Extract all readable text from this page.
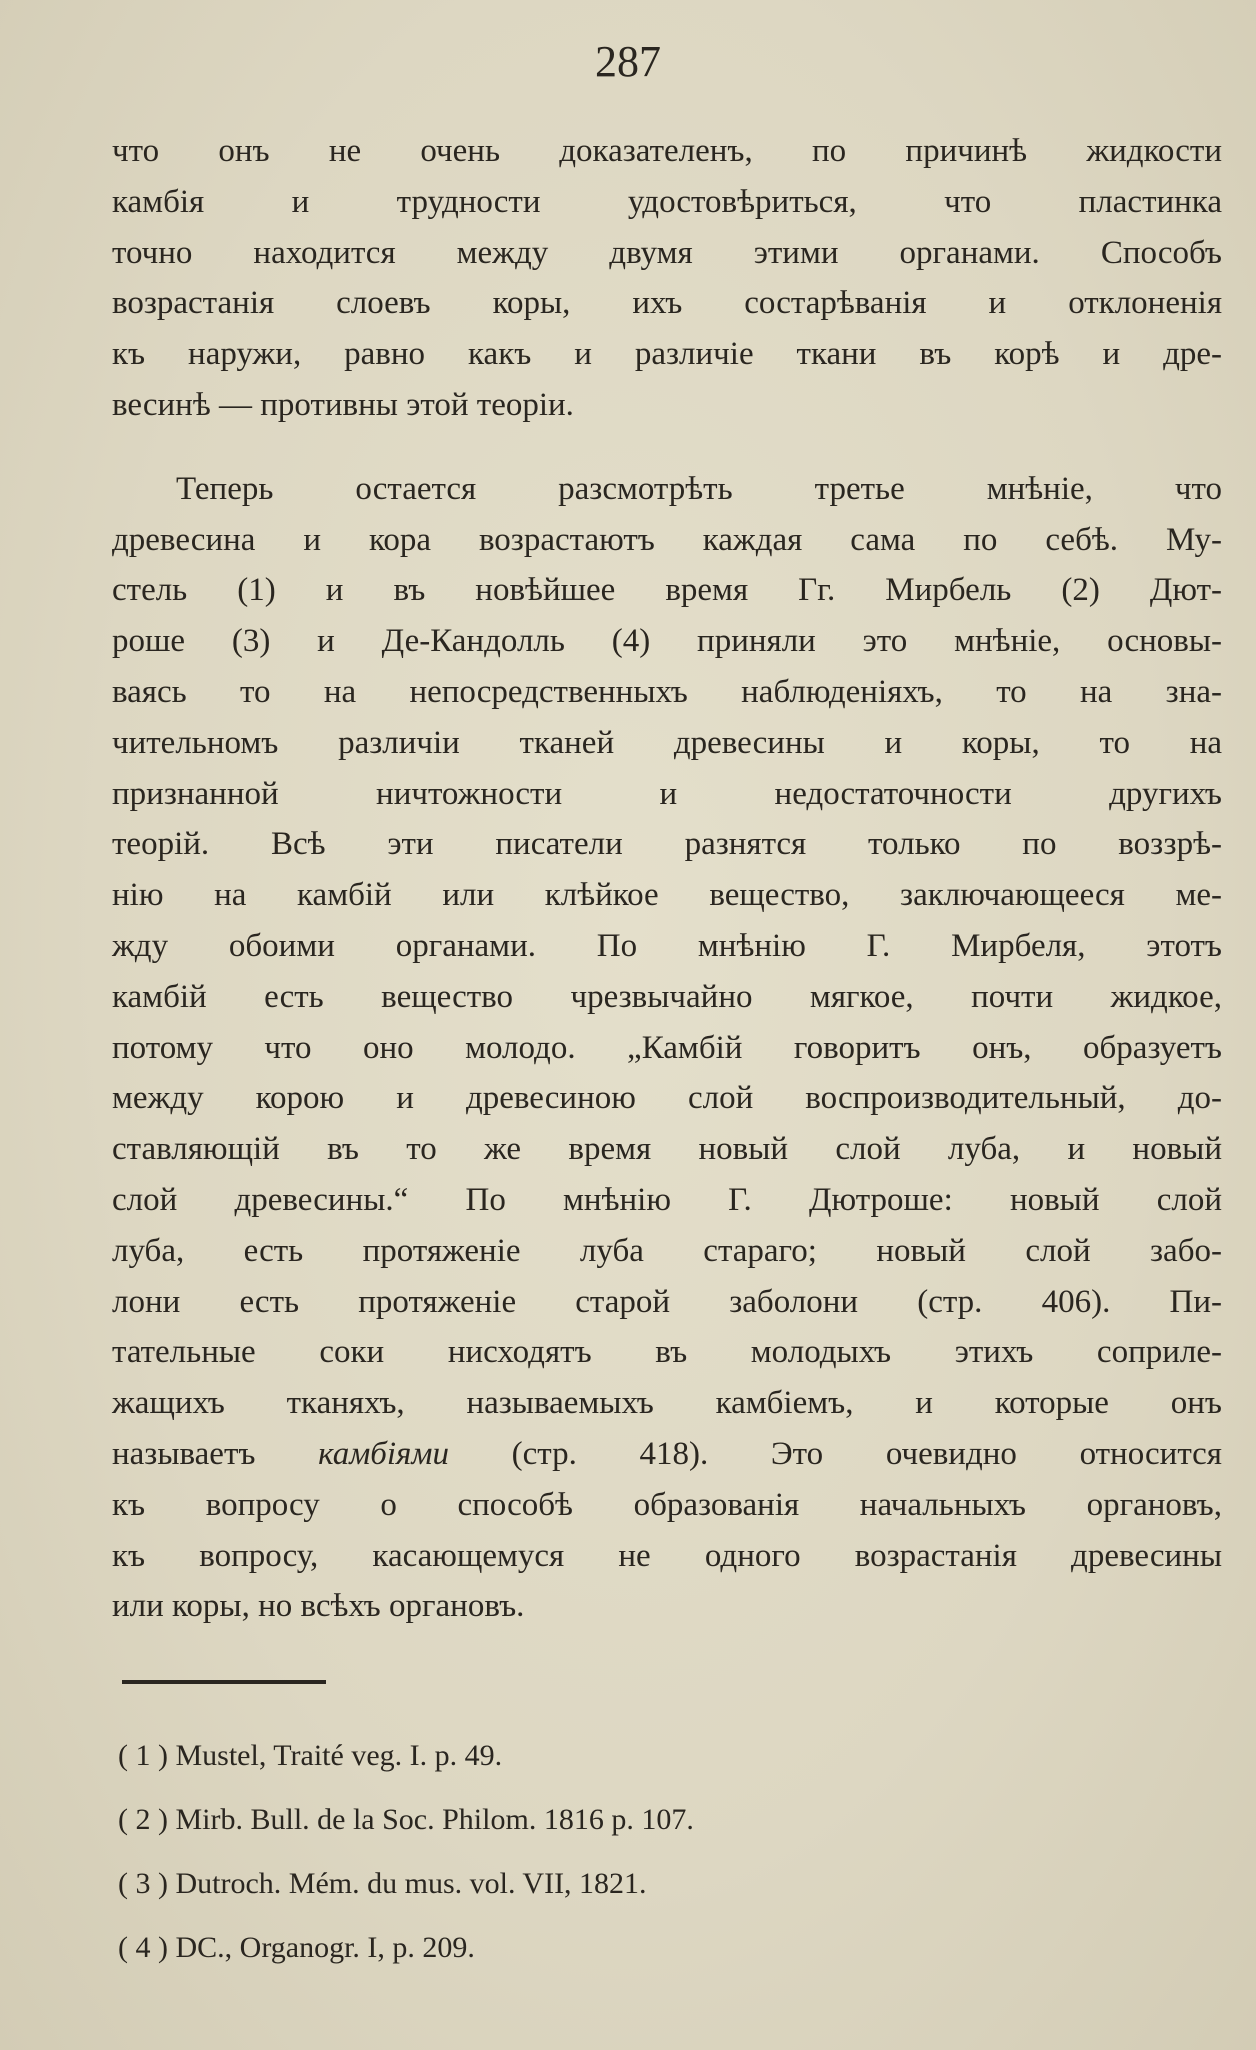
287
что онъ не очень доказателенъ, по причинѣ жидкости
камбія и трудности удостовѣриться, что пластинка
точно находится между двумя этими органами. Способъ
возрастанія слоевъ коры, ихъ состарѣванія и отклоненія
къ наружи, равно какъ и различіе ткани въ корѣ и дре-
весинѣ — противны этой теоріи.
Теперь остается разсмотрѣть третье мнѣніе, что
древесина и кора возрастаютъ каждая сама по себѣ. Му-
стель (1) и въ новѣйшее время Гг. Мирбель (2) Дют-
роше (3) и Де-Кандолль (4) приняли это мнѣніе, основы-
ваясь то на непосредственныхъ наблюденіяхъ, то на зна-
чительномъ различіи тканей древесины и коры, то на
признанной ничтожности и недостаточности другихъ
теорій. Всѣ эти писатели разнятся только по воззрѣ-
нію на камбій или клѣйкое вещество, заключающееся ме-
жду обоими органами. По мнѣнію Г. Мирбеля, этотъ
камбій есть вещество чрезвычайно мягкое, почти жидкое,
потому что оно молодо. „Камбій говоритъ онъ, образуетъ
между корою и древесиною слой воспроизводительный, до-
ставляющій въ то же время новый слой луба, и новый
слой древесины.“ По мнѣнію Г. Дютроше: новый слой
луба, есть протяженіе луба стараго; новый слой забо-
лони есть протяженіе старой заболони (стр. 406). Пи-
тательные соки нисходятъ въ молодыхъ этихъ соприле-
жащихъ тканяхъ, называемыхъ камбіемъ, и которые онъ
называетъ камбіями (стр. 418). Это очевидно относится
къ вопросу о способѣ образованія начальныхъ органовъ,
къ вопросу, касающемуся не одного возрастанія древесины
или коры, но всѣхъ органовъ.
( 1 ) Mustel, Traité veg. I. p. 49.
( 2 ) Mirb. Bull. de la Soc. Philom. 1816 p. 107.
( 3 ) Dutroch. Mém. du mus. vol. VII, 1821.
( 4 ) DC., Organogr. I, p. 209.
